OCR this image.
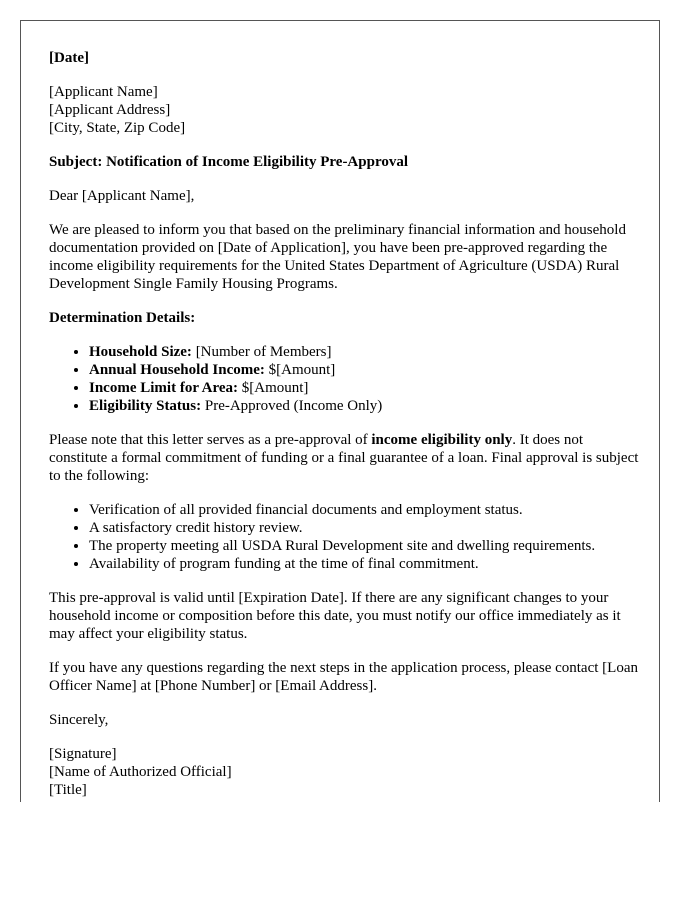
[Date]

[Applicant Name]
[Applicant Address]
[City, State, Zip Code]

Subject: Notification of Income Eligibility Pre-Approval

Dear [Applicant Name],

We are pleased to inform you that based on the preliminary financial information and household documentation provided on [Date of Application], you have been pre-approved regarding the income eligibility requirements for the United States Department of Agriculture (USDA) Rural Development Single Family Housing Programs.

Determination Details:

• Household Size: [Number of Members]
• Annual Household Income: $[Amount]
• Income Limit for Area: $[Amount]
• Eligibility Status: Pre-Approved (Income Only)

Please note that this letter serves as a pre-approval of income eligibility only. It does not constitute a formal commitment of funding or a final guarantee of a loan. Final approval is subject to the following:

• Verification of all provided financial documents and employment status.
• A satisfactory credit history review.
• The property meeting all USDA Rural Development site and dwelling requirements.
• Availability of program funding at the time of final commitment.

This pre-approval is valid until [Expiration Date]. If there are any significant changes to your household income or composition before this date, you must notify our office immediately as it may affect your eligibility status.

If you have any questions regarding the next steps in the application process, please contact [Loan Officer Name] at [Phone Number] or [Email Address].

Sincerely,

[Signature]
[Name of Authorized Official]
[Title]
